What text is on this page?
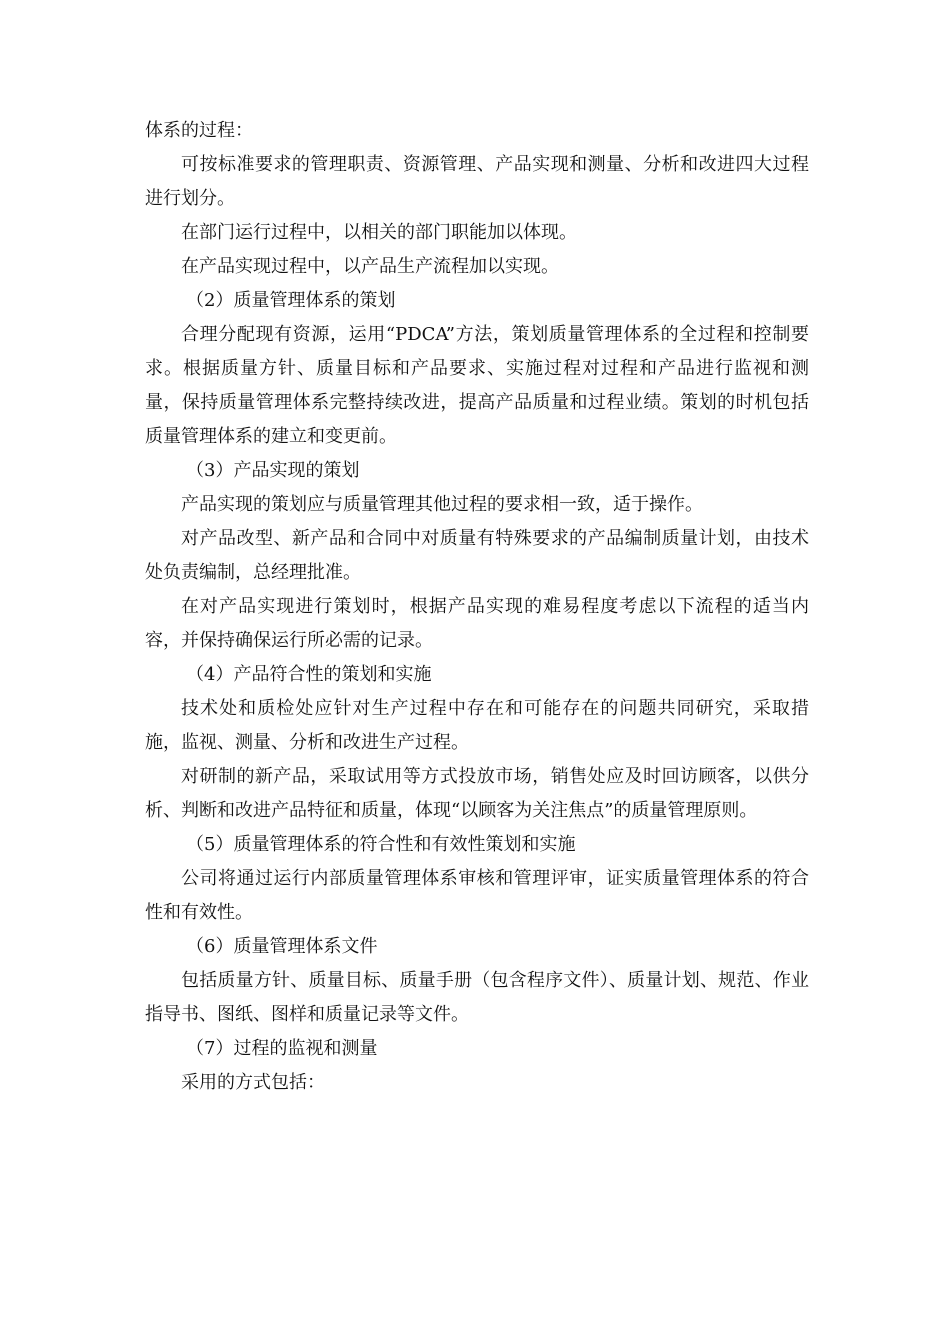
体系的过程：

可按标准要求的管理职责、资源管理、产品实现和测量、分析和改进四大过程进行划分。

在部门运行过程中，以相关的部门职能加以体现。

在产品实现过程中，以产品生产流程加以实现。

（2）质量管理体系的策划

合理分配现有资源，运用“PDCA”方法，策划质量管理体系的全过程和控制要求。根据质量方针、质量目标和产品要求、实施过程对过程和产品进行监视和测量，保持质量管理体系完整持续改进，提高产品质量和过程业绩。策划的时机包括质量管理体系的建立和变更前。

（3）产品实现的策划

产品实现的策划应与质量管理其他过程的要求相一致，适于操作。

对产品改型、新产品和合同中对质量有特殊要求的产品编制质量计划，由技术处负责编制，总经理批准。

在对产品实现进行策划时，根据产品实现的难易程度考虑以下流程的适当内容，并保持确保运行所必需的记录。

（4）产品符合性的策划和实施

技术处和质检处应针对生产过程中存在和可能存在的问题共同研究，采取措施，监视、测量、分析和改进生产过程。

对研制的新产品，采取试用等方式投放市场，销售处应及时回访顾客，以供分析、判断和改进产品特征和质量，体现“以顾客为关注焦点”的质量管理原则。

（5）质量管理体系的符合性和有效性策划和实施

公司将通过运行内部质量管理体系审核和管理评审，证实质量管理体系的符合性和有效性。

（6）质量管理体系文件

包括质量方针、质量目标、质量手册（包含程序文件）、质量计划、规范、作业指导书、图纸、图样和质量记录等文件。

（7）过程的监视和测量

采用的方式包括：
